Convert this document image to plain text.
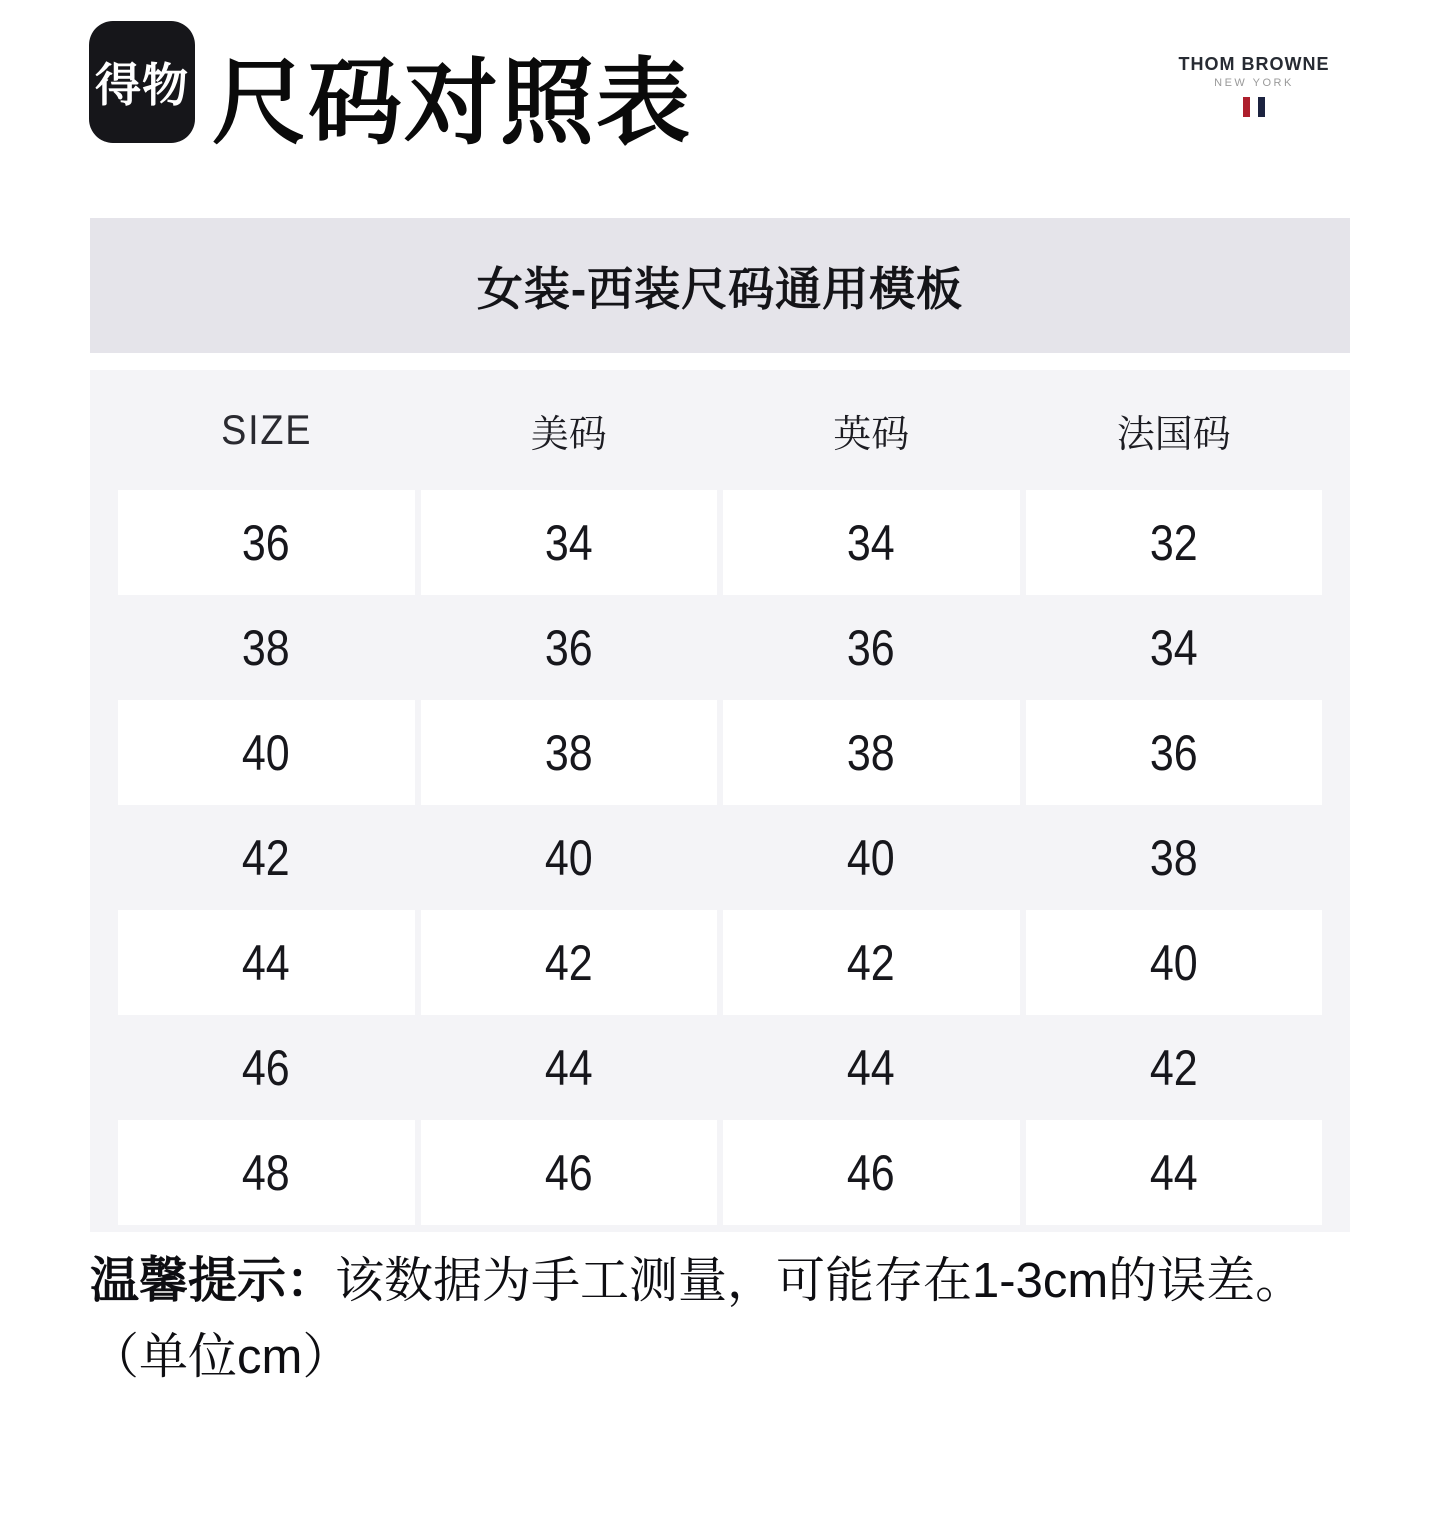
得物 尺码对照表	THOM BROWNE
NEW YORK
女装-西装尺码通用模板
SIZE	美码	英码	法国码
36	34	34	32
38	36	36	34
40	38	38	36
42	40	40	38
44	42	42	40
46	44	44	42
48	46	46	44
温馨提示：该数据为手工测量，可能存在1-3cm的误差。
（单位cm）
